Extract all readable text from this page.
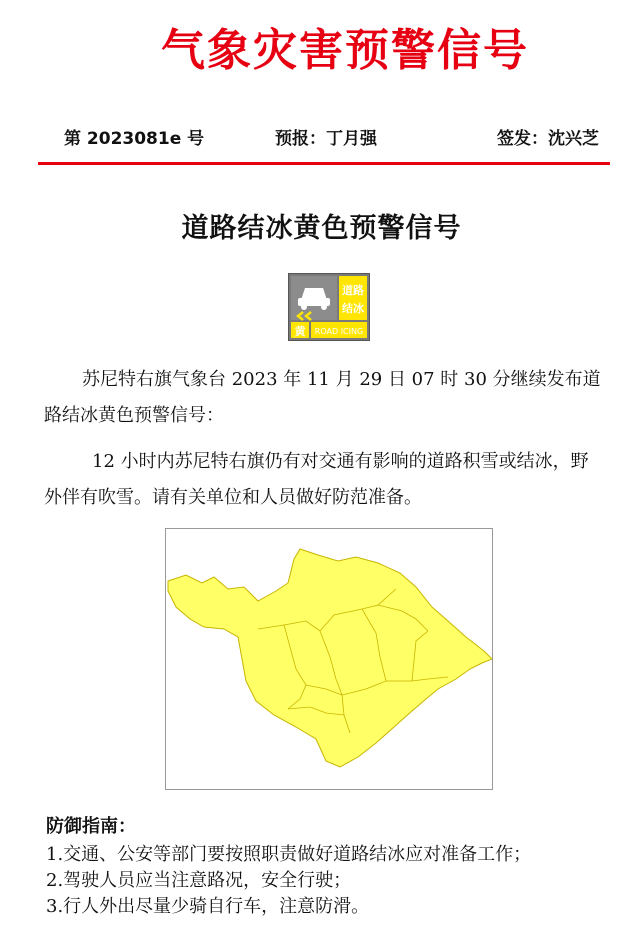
气象灾害预警信号
第 2023081e 号	预报：丁月强	签发：沈兴芝
道路结冰黄色预警信号
道路
结冰
黄 ROAD ICING
苏尼特右旗气象台 2023 年 11 月 29 日 07 时 30 分继续发布道路结冰黄色预警信号：
12 小时内苏尼特右旗仍有对交通有影响的道路积雪或结冰，野外伴有吹雪。请有关单位和人员做好防范准备。
防御指南：
1.交通、公安等部门要按照职责做好道路结冰应对准备工作；
2.驾驶人员应当注意路况，安全行驶；
3.行人外出尽量少骑自行车，注意防滑。
